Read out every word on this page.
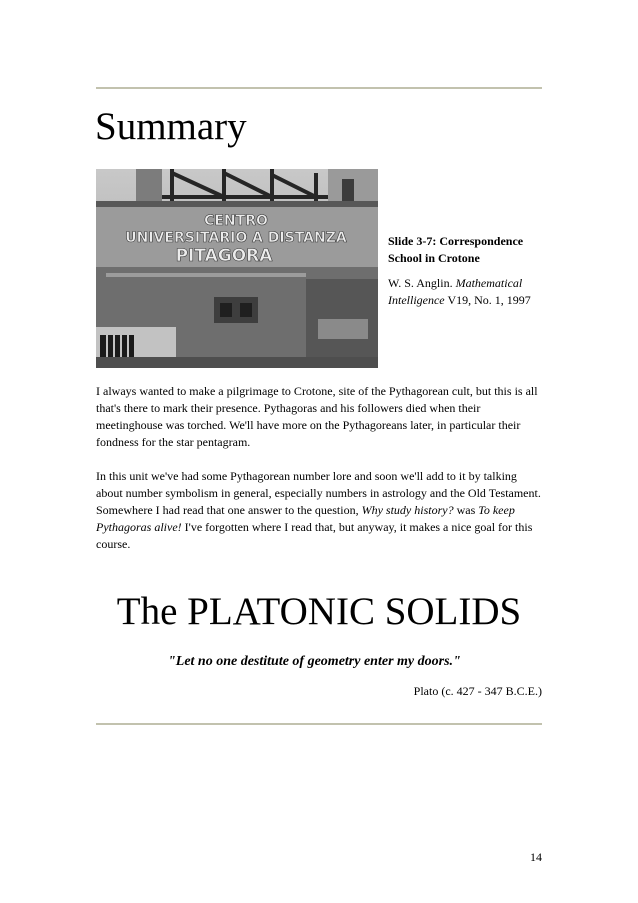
Summary
CENTRO
UNIVERSITARIO A DISTANZA
PITAGORA
Slide 3-7: Correspondence School in Crotone
W. S. Anglin. Mathematical Intelligence V19, No. 1, 1997

I always wanted to make a pilgrimage to Crotone, site of the Pythagorean cult, but this is all that's there to mark their presence. Pythagoras and his followers died when their meetinghouse was torched. We'll have more on the Pythagoreans later, in particular their fondness for the star pentagram.

In this unit we've had some Pythagorean number lore and soon we'll add to it by talking about number symbolism in general, especially numbers in astrology and the Old Testament.

Somewhere I had read that one answer to the question, Why study history? was To keep Pythagoras alive! I've forgotten where I read that, but anyway, it makes a nice goal for this course.

The PLATONIC SOLIDS

"Let no one destitute of geometry enter my doors."

Plato (c. 427 - 347 B.C.E.)

14
